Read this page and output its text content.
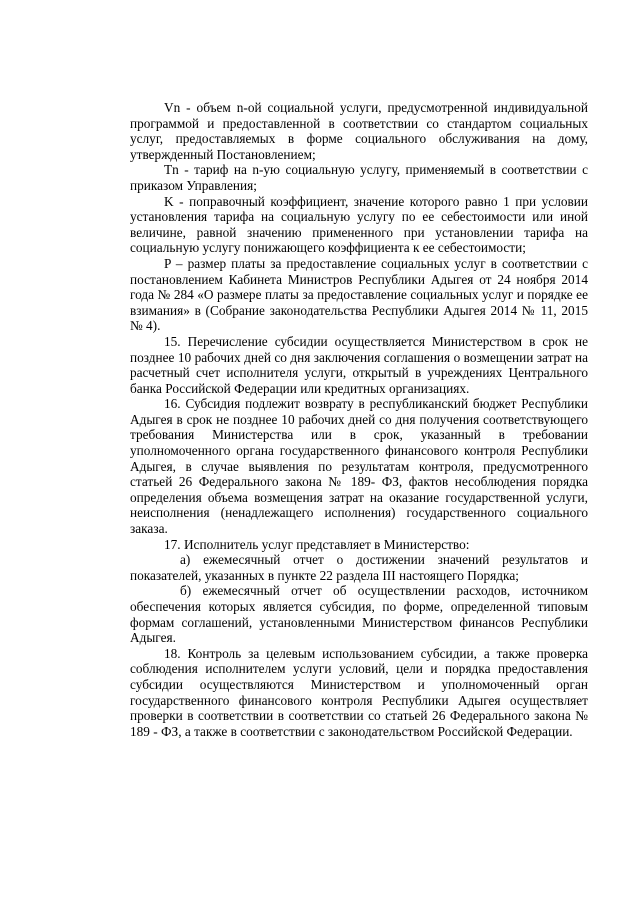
Vn - объем n-ой социальной услуги, предусмотренной индивидуальной программой и предоставленной в соответствии со стандартом социальных услуг, предоставляемых в форме социального обслуживания на дому, утвержденный Постановлением;

Tn - тариф на n-ую социальную услугу, применяемый в соответствии с приказом Управления;

K - поправочный коэффициент, значение которого равно 1 при условии установления тарифа на социальную услугу по ее себестоимости или иной величине, равной значению примененного при установлении тарифа на социальную услугу понижающего коэффициента к ее себестоимости;

P – размер платы за предоставление социальных услуг в соответствии с постановлением Кабинета Министров Республики Адыгея от 24 ноября 2014 года № 284 «О размере платы за предоставление социальных услуг и порядке ее взимания» в (Собрание законодательства Республики Адыгея 2014 № 11, 2015 № 4).

15. Перечисление субсидии осуществляется Министерством в срок не позднее 10 рабочих дней со дня заключения соглашения о возмещении затрат на расчетный счет исполнителя услуги, открытый в учреждениях Центрального банка Российской Федерации или кредитных организациях.

16. Субсидия подлежит возврату в республиканский бюджет Республики Адыгея в срок не позднее 10 рабочих дней со дня получения соответствующего требования Министерства или в срок, указанный в требовании уполномоченного органа государственного финансового контроля Республики Адыгея, в случае выявления по результатам контроля, предусмотренного статьей 26 Федерального закона № 189- ФЗ, фактов несоблюдения порядка определения объема возмещения затрат на оказание государственной услуги, неисполнения (ненадлежащего исполнения) государственного социального заказа.

17. Исполнитель услуг представляет в Министерство:

а) ежемесячный отчет о достижении значений результатов и показателей, указанных в пункте 22 раздела III настоящего Порядка;

б) ежемесячный отчет об осуществлении расходов, источником обеспечения которых является субсидия, по форме, определенной типовым формам соглашений, установленными Министерством финансов Республики Адыгея.

18. Контроль за целевым использованием субсидии, а также проверка соблюдения исполнителем услуги условий, цели и порядка предоставления субсидии осуществляются Министерством и уполномоченный орган государственного финансового контроля Республики Адыгея осуществляет проверки в соответствии в соответствии со статьей 26 Федерального закона № 189 - ФЗ, а также в соответствии с законодательством Российской Федерации.
